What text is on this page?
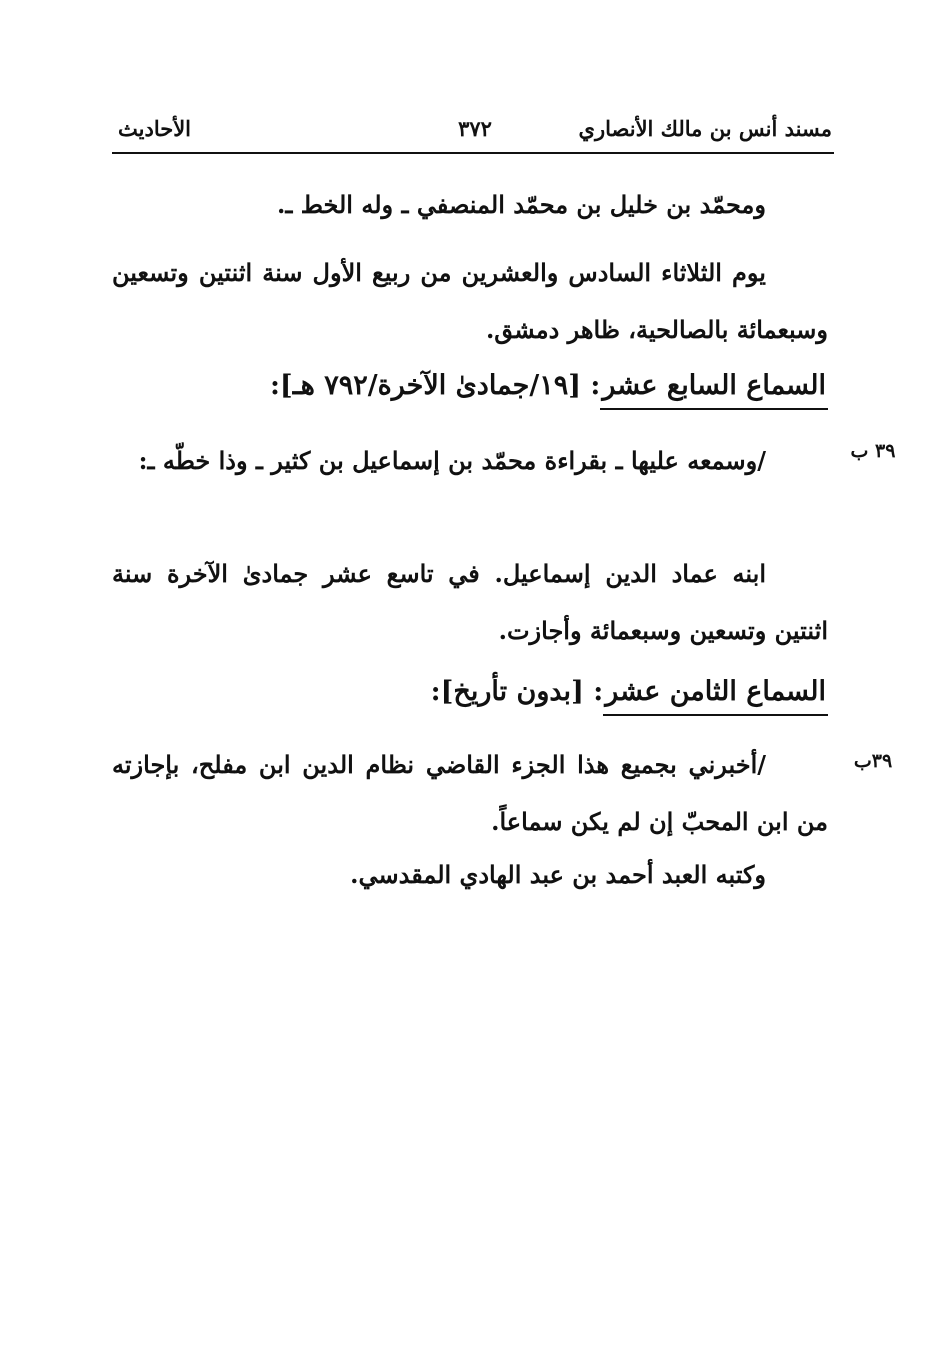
مسند أنس بن مالك الأنصاري
٣٧٢
الأحاديث
ومحمّد بن خليل بن محمّد المنصفي ـ وله الخط ـ.
يوم الثلاثاء السادس والعشرين من ربيع الأول سنة اثنتين وتسعين وسبعمائة بالصالحية، ظاهر دمشق.
السماع السابع عشر: [١٩/جمادىٰ الآخرة/٧٩٢ هـ]:
٣٩ ب
/وسمعه عليها ـ بقراءة محمّد بن إسماعيل بن كثير ـ وذا خطّه ـ:
ابنه عماد الدين إسماعيل. في تاسع عشر جمادىٰ الآخرة سنة اثنتين وتسعين وسبعمائة وأجازت.
السماع الثامن عشر: [بدون تأريخ]:
٣٩ب
/أخبرني بجميع هذا الجزء القاضي نظام الدين ابن مفلح، بإجازته من ابن المحبّ إن لم يكن سماعاً.
وكتبه العبد أحمد بن عبد الهادي المقدسي.
